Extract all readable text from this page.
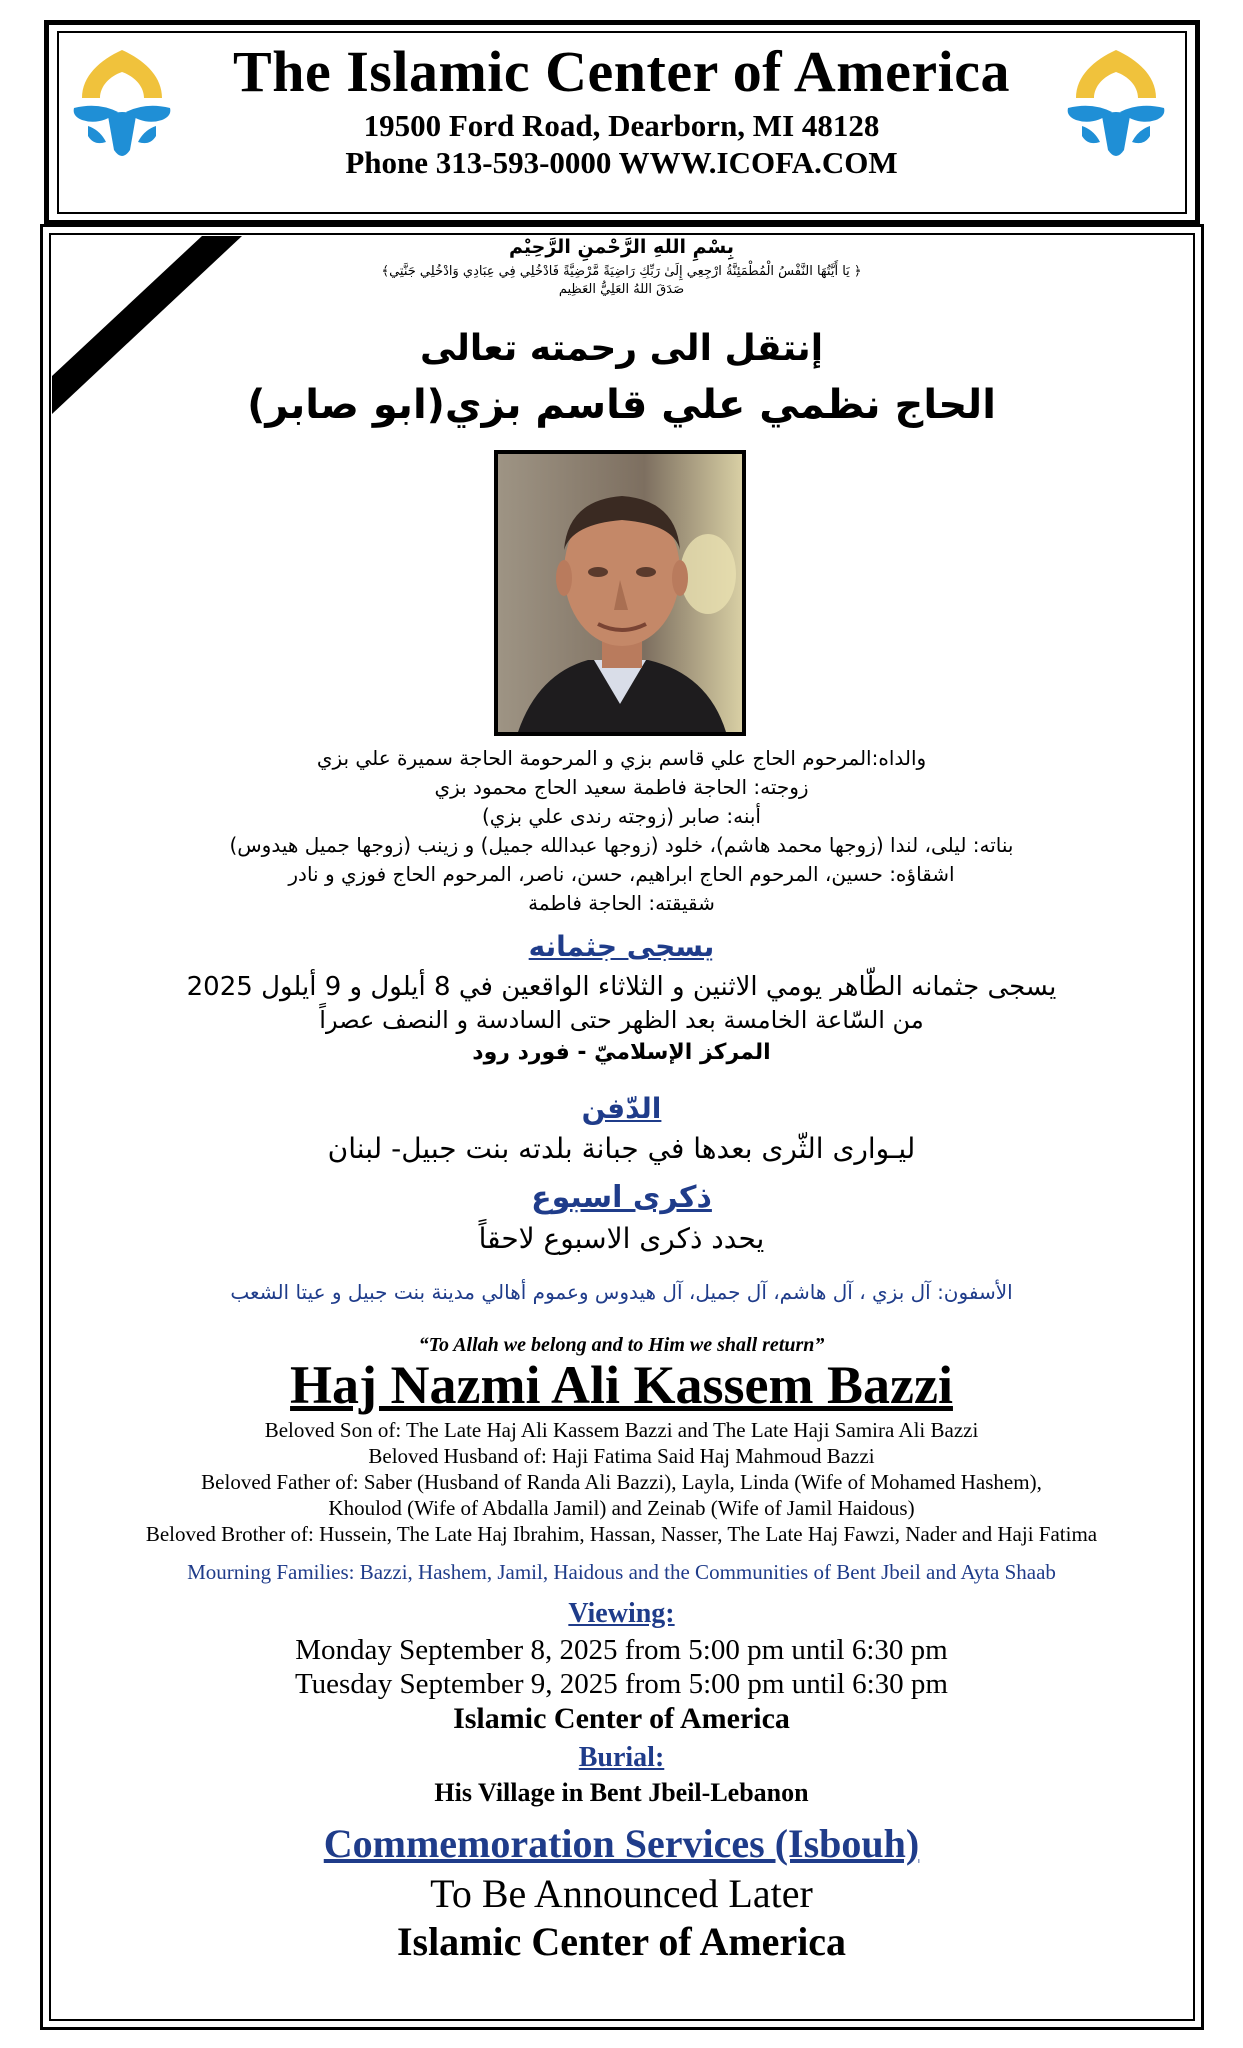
The Islamic Center of America
19500 Ford Road, Dearborn, MI 48128
Phone 313-593-0000 WWW.ICOFA.COM
بِسْمِ اللهِ الرَّحْمنِ الرَّحِيْم
﴿ يَا أَيَّتُهَا النَّفْسُ الْمُطْمَئِنَّةُ ارْجِعِي إِلَىٰ رَبِّكِ رَاضِيَةً مَّرْضِيَّةً فَادْخُلِي فِي عِبَادِي وَادْخُلِي جَنَّتِي﴾
صَدَقَ اللهُ العَلِيُّ العَظِيم
إنتقل الى رحمته تعالى
الحاج نظمي علي قاسم بزي(ابو صابر)
والداه:المرحوم الحاج علي قاسم بزي و المرحومة الحاجة سميرة علي بزي
زوجته: الحاجة فاطمة سعيد الحاج محمود بزي
أبنه: صابر (زوجته رندى علي بزي)
بناته: ليلى، لندا (زوجها محمد هاشم)، خلود (زوجها عبدالله جميل) و زينب (زوجها جميل هيدوس)
اشقاؤه: حسين، المرحوم الحاج ابراهيم، حسن، ناصر، المرحوم الحاج فوزي و نادر
شقيقته: الحاجة فاطمة
يسجى جثمانه
يسجى جثمانه الطّاهر يومي الاثنين و الثلاثاء الواقعين في 8 أيلول و 9 أيلول 2025
من السّاعة الخامسة بعد الظهر حتى السادسة و النصف عصراً
المركز الإسلاميّ - فورد رود
الدّفن
ليـوارى الثّرى بعدها في جبانة بلدته بنت جبيل- لبنان
ذكرى اسبوع
يحدد ذكرى الاسبوع لاحقاً
الأسفون: آل بزي ، آل هاشم، آل جميل، آل هيدوس وعموم أهالي مدينة بنت جبيل و عيتا الشعب
“To Allah we belong and to Him we shall return”
Haj Nazmi Ali Kassem Bazzi
Beloved Son of: The Late Haj Ali Kassem Bazzi and The Late Haji Samira Ali Bazzi
Beloved Husband of: Haji Fatima Said Haj Mahmoud Bazzi
Beloved Father of: Saber (Husband of Randa Ali Bazzi), Layla, Linda (Wife of Mohamed Hashem),
Khoulod (Wife of Abdalla Jamil) and Zeinab (Wife of Jamil Haidous)
Beloved Brother of: Hussein, The Late Haj Ibrahim, Hassan, Nasser, The Late Haj Fawzi, Nader and Haji Fatima
Mourning Families: Bazzi, Hashem, Jamil, Haidous and the Communities of Bent Jbeil and Ayta Shaab
Viewing:
Monday September 8, 2025 from 5:00 pm until 6:30 pm
Tuesday September 9, 2025 from 5:00 pm until 6:30 pm
Islamic Center of America
Burial:
His Village in Bent Jbeil-Lebanon
Commemoration Services (Isbouh)
To Be Announced Later
Islamic Center of America
